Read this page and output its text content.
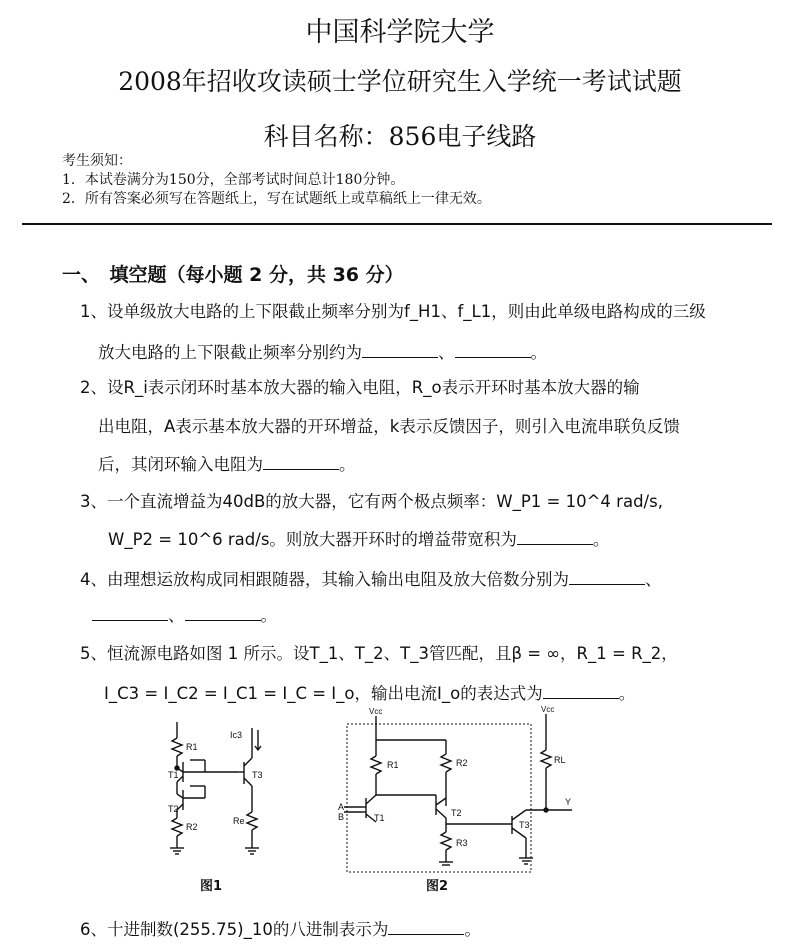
中国科学院大学
2008年招收攻读硕士学位研究生入学统一考试试题
科目名称：856电子线路
考生须知：
1．本试卷满分为150分，全部考试时间总计180分钟。
2．所有答案必须写在答题纸上，写在试题纸上或草稿纸上一律无效。
一、　填空题（每小题 2 分，共 36 分）
1、设单级放大电路的上下限截止频率分别为f_H1、f_L1，则由此单级电路构成的三级
放大电路的上下限截止频率分别约为	、	。
2、设R_i表示闭环时基本放大器的输入电阻，R_o表示开环时基本放大器的输
出电阻，A表示基本放大器的开环增益，k表示反馈因子，则引入电流串联负反馈
后，其闭环输入电阻为	。
3、一个直流增益为40dB的放大器，它有两个极点频率：W_P1 = 10^4 rad/s,
W_P2 = 10^6 rad/s。则放大器开环时的增益带宽积为	。
4、由理想运放构成同相跟随器，其输入输出电阻及放大倍数分别为	、
、	。
5、恒流源电路如图 1 所示。设T_1、T_2、T_3管匹配，且β = ∞，R_1 = R_2，
I_C3 = I_C2 = I_C1 = I_C = I_o，输出电流I_o的表达式为	。
R1
T1
T2
R2
Ic3
T3
Re
图1
Vcc	Vcc
R1	R2
A
B	T1	T2
R3
T3
RL
Y
图2
6、十进制数(255.75)_10的八进制表示为	。
